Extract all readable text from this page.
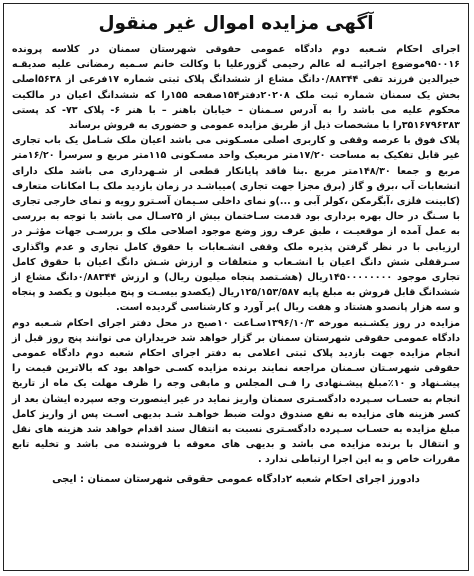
آگهی مزایده اموال غیر منقول

اجرای احکام شـعبه دوم دادگاه عمومی حقوقی شهرستان سمنان در کلاسه پرونده ۹۵۰۰۱۶موضوع اجرائیـه له عالم رحیمی گزورعلیا با وکالت خانم سـمیه رمضانی علیه صدیقـه خیرالدین فرزند تقی ۰/۸۸۳۴۴دانگ مشاع از ششدانگ پلاک ثبتی شماره ۱۷فرعی از ۵۶۳۸اصلی بخش یک سمنان شماره ثبت ملک ۲۰۲۰۸دفتر۱۵۴صفحه ۱۵۵را که ششدانگ اعیان در مالکیت محکوم علیه می باشد را به آدرس سـمنان – خیابان باهنر – با هنر ۶- پلاک ۷۳- کد پستی ۳۵۱۶۷۹۶۳۸۳را با مشخصات ذیل از طریق مزایده عمومی و حضوری به فروش برساند

پلاک فوق با عرصه وقفی و کاربری اصلی مسـکونی می باشد اعیان ملک شـامل یک باب تجاری غیر قابل تفکیک به مساحت ۱۷/۲۰متر مربعیک واحد مسـکونی ۱۱۵متر مربع و سرسرا ۱۶/۲۰متر مربع و جمعا ۱۴۸/۳۰متر مربع .بنا فاقد پایانکار قطعی از شـهرداری می باشد ملک دارای انشعابات آب ،برق و گاز (برق مجزا جهت تجاری )میباشـد در زمان بازدید ملک بـا امکانات متعارف (کابینت فلزی ،آبگرمکن ،کولر آبی و ...)و نمای داخلی سـیمان آسـترو رویه و نمای خارجی تجاری با سـنگ در حال بهره برداری بود قدمت سـاختمان بیش از ۲۵سـال می باشد با توجه به بررسی به عمل آمده از موقعیـت ، طبق عرف روز وضع موجود اصلاحی ملک و بررسـی جهات مؤثـر در ارزیابی با در نظر گرفتن پذیره ملک وقفی انشـعابات با حقوق کامل تجاری و عدم واگذاری سـرقفلی شش دانگ اعیان با انشـعاب و متعلقات و ارزش شـش دانگ اعیان با حقوق کامل تجاری موجود ۱۴۵۰۰۰۰۰۰۰۰ریال (هشـتصد پنجاه میلیون ریال) و ارزش ۰/۸۸۳۴۴دانگ مشاع از ششدانگ قابل فروش به مبلغ پایه ۱۲۵/۱۵۳/۵۸۷ریال (یکصدو بیسـت و پنج میلیون و یکصد و پنجاه و سه هزار پانصدو هشتاد و هفت ریال )بر آورد و کارشناسی گردیده است.

مزایده در روز یکشـنبه مورخه ۱۳۹۶/۱۰/۳سـاعت ۱۰صبح در محل دفتر اجرای احکام شـعبه دوم دادگاه عمومی حقوقی شهرستان سمنان بر گزار خواهد شد خریداران می توانند پنج روز قبل از انجام مزایده جهت بازدید پلاک ثبتی اعلامی به دفتر اجرای احکام شعبه دوم دادگاه عمومی حقوقی شهرسـتان سـمنان مراجعه نمایند برنده مزایده کسـی خواهد بود که بالاترین قیمت را پیشـنهاد و ۱۰٪مبلغ پیشـنهادی را فـی المجلس و مابقی وجه را ظرف مهلت یک ماه از تاریخ انجام به حسـاب سـپرده دادگسـتری سمنان واریز نماید در غیر اینصورت وجه سپرده ایشان بعد از کسر هزینه های مزایده به نفع صندوق دولت ضبط خواهـد شـد بدیهی اسـت پس از واریز کامل مبلغ مزایده به حسـاب سـپرده دادگسـتری نسبت به انتقال سند اقدام خواهد شد هزینه های نقل و انتقال با برنده مزایده می باشد و بدیهی های معوقه با فروشنده می باشد و تخلیه تابع مقررات خاص و به این اجرا ارتباطی ندارد .

دادورز اجرای احکام شعبه ۲دادگاه عمومی حقوقی شهرستان سمنان : ایجی
